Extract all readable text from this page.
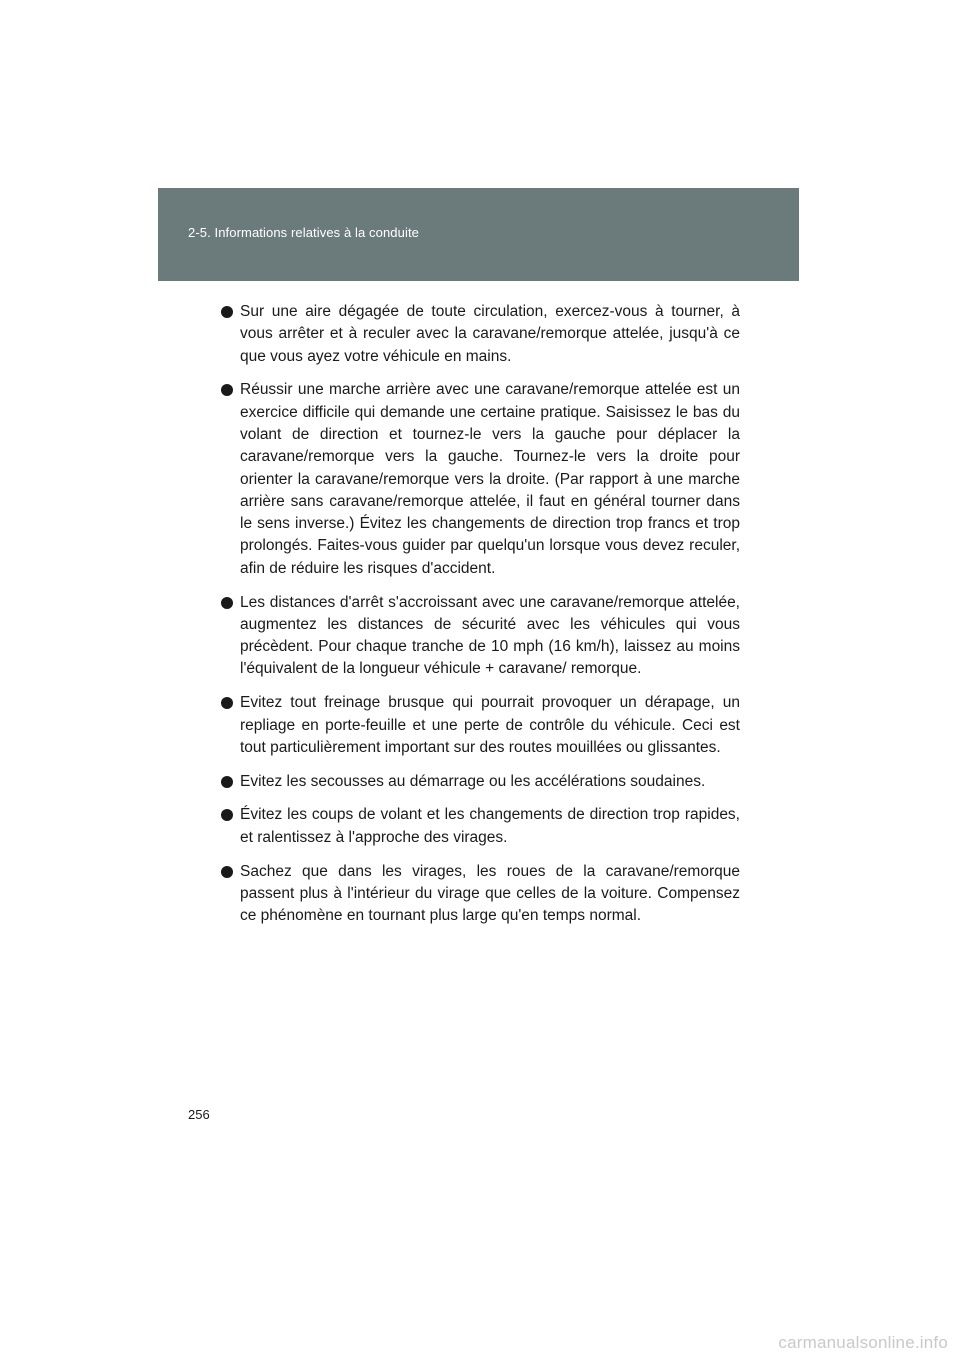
2-5. Informations relatives à la conduite

Sur une aire dégagée de toute circulation, exercez-vous à tourner, à vous arrêter et à reculer avec la caravane/remorque attelée, jusqu'à ce que vous ayez votre véhicule en mains.

Réussir une marche arrière avec une caravane/remorque attelée est un exercice difficile qui demande une certaine pratique. Saisissez le bas du volant de direction et tournez-le vers la gauche pour déplacer la caravane/remorque vers la gauche. Tournez-le vers la droite pour orienter la caravane/remorque vers la droite. (Par rapport à une marche arrière sans caravane/remorque attelée, il faut en général tourner dans le sens inverse.) Évitez les changements de direction trop francs et trop prolongés. Faites-vous guider par quelqu'un lorsque vous devez reculer, afin de réduire les risques d'accident.

Les distances d'arrêt s'accroissant avec une caravane/remorque attelée, augmentez les distances de sécurité avec les véhicules qui vous précèdent. Pour chaque tranche de 10 mph (16 km/h), laissez au moins l'équivalent de la longueur véhicule + caravane/ remorque.

Evitez tout freinage brusque qui pourrait provoquer un dérapage, un repliage en porte-feuille et une perte de contrôle du véhicule. Ceci est tout particulièrement important sur des routes mouillées ou glissantes.

Evitez les secousses au démarrage ou les accélérations soudaines.

Évitez les coups de volant et les changements de direction trop rapides, et ralentissez à l'approche des virages.

Sachez que dans les virages, les roues de la caravane/remorque passent plus à l'intérieur du virage que celles de la voiture. Compensez ce phénomène en tournant plus large qu'en temps normal.

256
carmanualsonline.info
